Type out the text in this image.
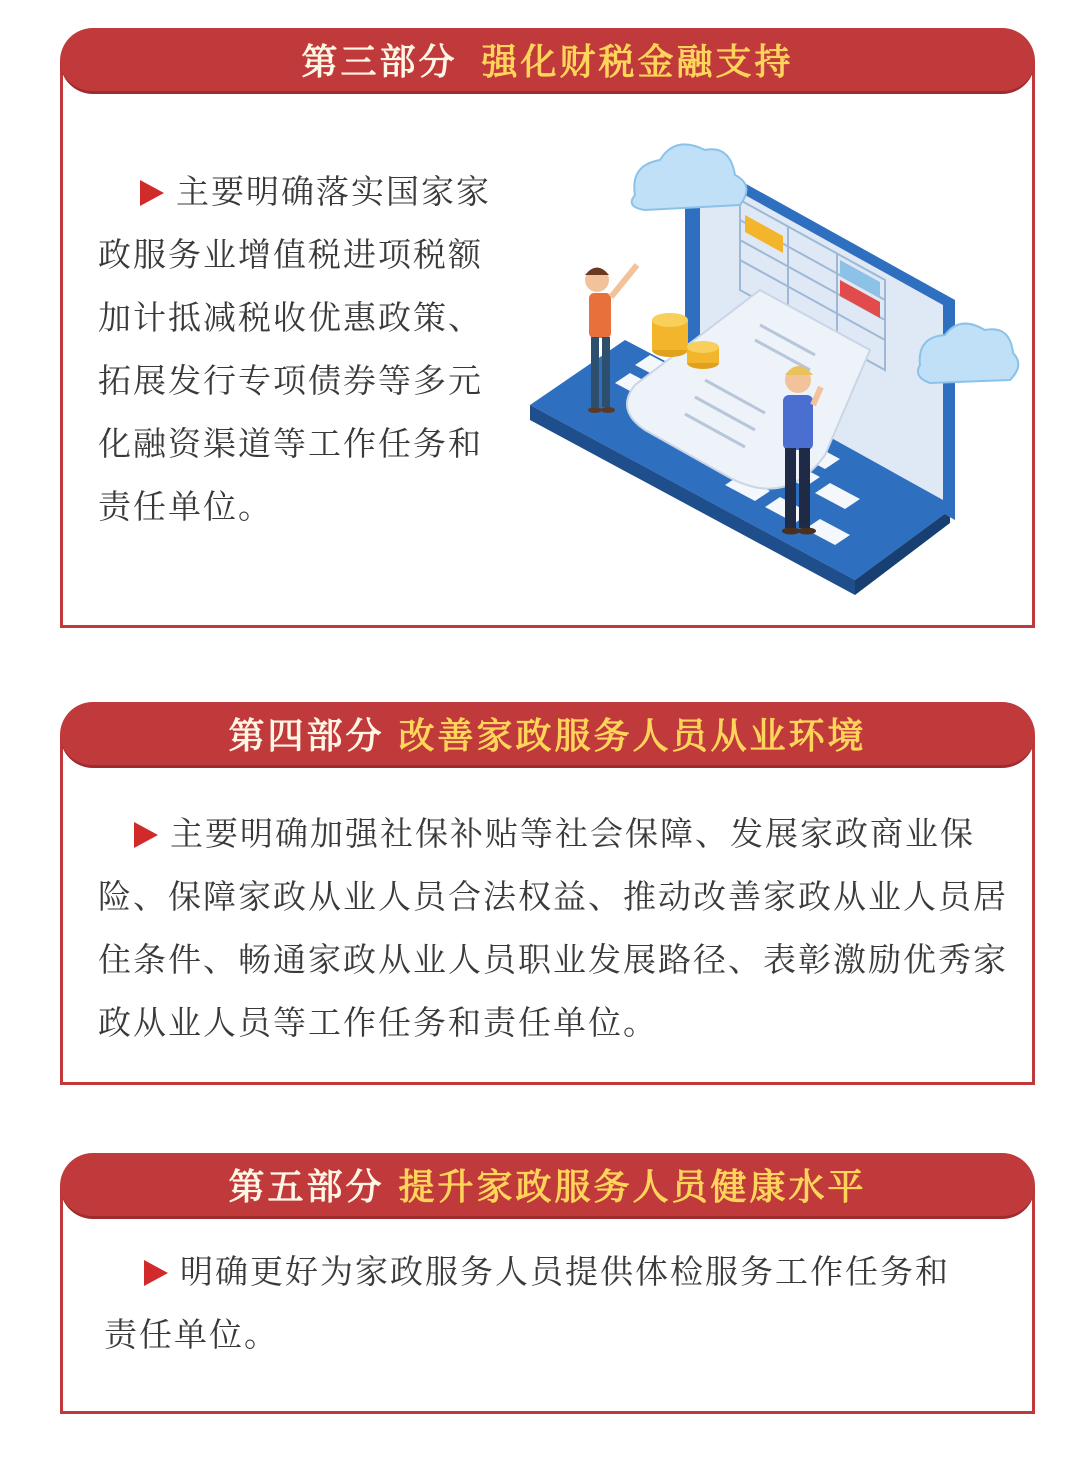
第三部分 强化财税金融支持
主要明确落实国家家
政服务业增值税进项税额
加计抵减税收优惠政策、
拓展发行专项债券等多元
化融资渠道等工作任务和
责任单位。
第四部分 改善家政服务人员从业环境
主要明确加强社保补贴等社会保障、发展家政商业保
险、保障家政从业人员合法权益、推动改善家政从业人员居
住条件、畅通家政从业人员职业发展路径、表彰激励优秀家
政从业人员等工作任务和责任单位。
第五部分 提升家政服务人员健康水平
明确更好为家政服务人员提供体检服务工作任务和
责任单位。
